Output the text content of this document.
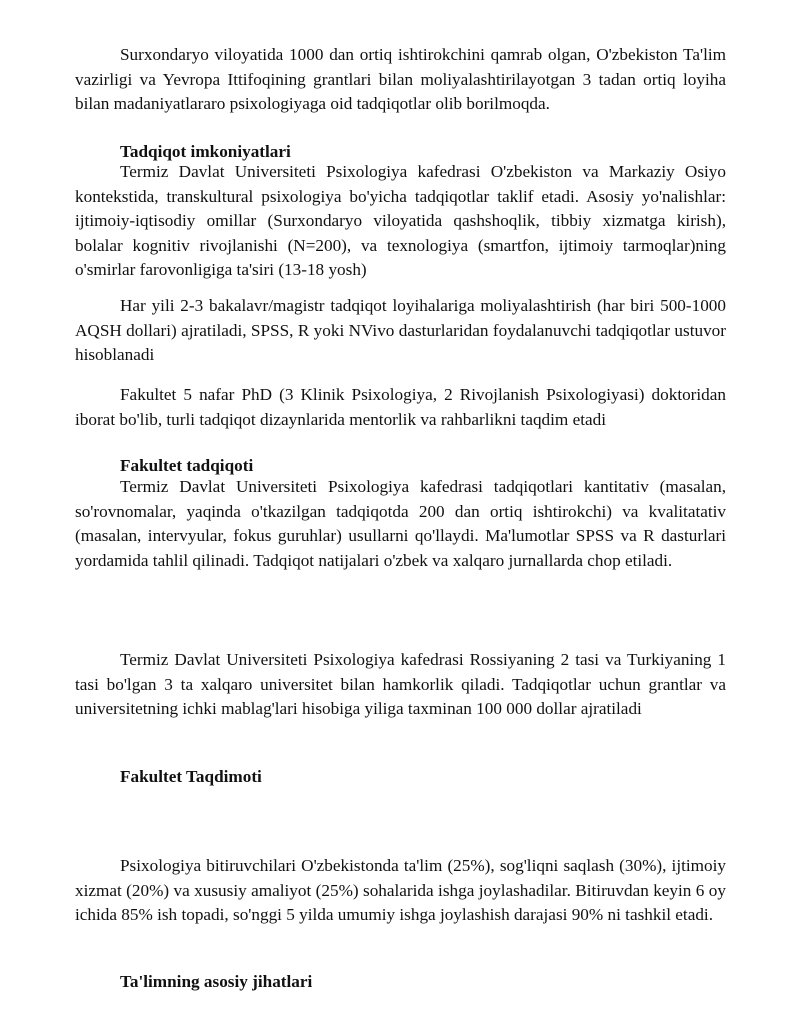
Surxondaryo viloyatida 1000 dan ortiq ishtirokchini qamrab olgan, O'zbekiston Ta'lim vazirligi va Yevropa Ittifoqining grantlari bilan moliyalashtirilayotgan 3 tadan ortiq loyiha bilan madaniyatlararo psixologiyaga oid tadqiqotlar olib borilmoqda.

Tadqiqot imkoniyatlari

Termiz Davlat Universiteti Psixologiya kafedrasi O'zbekiston va Markaziy Osiyo kontekstida, transkultural psixologiya bo'yicha tadqiqotlar taklif etadi. Asosiy yo'nalishlar: ijtimoiy-iqtisodiy omillar (Surxondaryo viloyatida qashshoqlik, tibbiy xizmatga kirish), bolalar kognitiv rivojlanishi (N=200), va texnologiya (smartfon, ijtimoiy tarmoqlar)ning o'smirlar farovonligiga ta'siri (13-18 yosh)

Har yili 2-3 bakalavr/magistr tadqiqot loyihalariga moliyalashtirish (har biri 500-1000 AQSH dollari) ajratiladi, SPSS, R yoki NVivo dasturlaridan foydalanuvchi tadqiqotlar ustuvor hisoblanadi

Fakultet 5 nafar PhD (3 Klinik Psixologiya, 2 Rivojlanish Psixologiyasi) doktoridan iborat bo'lib, turli tadqiqot dizaynlarida mentorlik va rahbarlikni taqdim etadi

Fakultet tadqiqoti

Termiz Davlat Universiteti Psixologiya kafedrasi tadqiqotlari kantitativ (masalan, so'rovnomalar, yaqinda o'tkazilgan tadqiqotda 200 dan ortiq ishtirokchi) va kvalitatativ (masalan, intervyular, fokus guruhlar) usullarni qo'llaydi. Ma'lumotlar SPSS va R dasturlari yordamida tahlil qilinadi. Tadqiqot natijalari o'zbek va xalqaro jurnallarda chop etiladi.

Termiz Davlat Universiteti Psixologiya kafedrasi Rossiyaning 2 tasi va Turkiyaning 1 tasi bo'lgan 3 ta xalqaro universitet bilan hamkorlik qiladi. Tadqiqotlar uchun grantlar va universitetning ichki mablag'lari hisobiga yiliga taxminan 100 000 dollar ajratiladi

Fakultet Taqdimoti

Psixologiya bitiruvchilari O'zbekistonda ta'lim (25%), sog'liqni saqlash (30%), ijtimoiy xizmat (20%) va xususiy amaliyot (25%) sohalarida ishga joylashadilar. Bitiruvdan keyin 6 oy ichida 85% ish topadi, so'nggi 5 yilda umumiy ishga joylashish darajasi 90% ni tashkil etadi.

Ta'limning asosiy jihatlari
